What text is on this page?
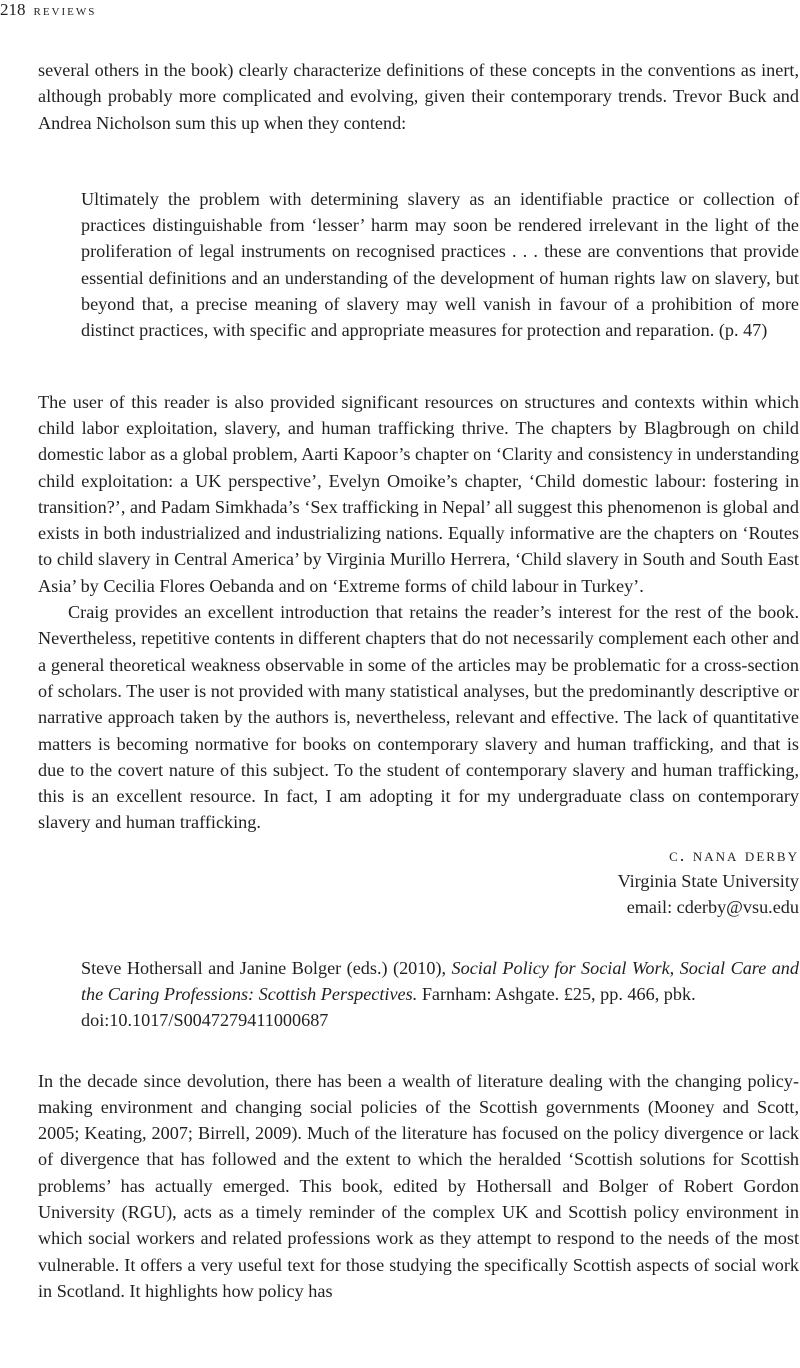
218 reviews

several others in the book) clearly characterize definitions of these concepts in the conventions as inert, although probably more complicated and evolving, given their contemporary trends. Trevor Buck and Andrea Nicholson sum this up when they contend:

Ultimately the problem with determining slavery as an identifiable practice or collection of practices distinguishable from ‘lesser’ harm may soon be rendered irrelevant in the light of the proliferation of legal instruments on recognised practices . . . these are conventions that provide essential definitions and an understanding of the development of human rights law on slavery, but beyond that, a precise meaning of slavery may well vanish in favour of a prohibition of more distinct practices, with specific and appropriate measures for protection and reparation. (p. 47)

The user of this reader is also provided significant resources on structures and contexts within which child labor exploitation, slavery, and human trafficking thrive. The chapters by Blagbrough on child domestic labor as a global problem, Aarti Kapoor’s chapter on ‘Clarity and consistency in understanding child exploitation: a UK perspective’, Evelyn Omoike’s chapter, ‘Child domestic labour: fostering in transition?’, and Padam Simkhada’s ‘Sex trafficking in Nepal’ all suggest this phenomenon is global and exists in both industrialized and industrializing nations. Equally informative are the chapters on ‘Routes to child slavery in Central America’ by Virginia Murillo Herrera, ‘Child slavery in South and South East Asia’ by Cecilia Flores Oebanda and on ‘Extreme forms of child labour in Turkey’.

Craig provides an excellent introduction that retains the reader’s interest for the rest of the book. Nevertheless, repetitive contents in different chapters that do not necessarily complement each other and a general theoretical weakness observable in some of the articles may be problematic for a cross-section of scholars. The user is not provided with many statistical analyses, but the predominantly descriptive or narrative approach taken by the authors is, nevertheless, relevant and effective. The lack of quantitative matters is becoming normative for books on contemporary slavery and human trafficking, and that is due to the covert nature of this subject. To the student of contemporary slavery and human trafficking, this is an excellent resource. In fact, I am adopting it for my undergraduate class on contemporary slavery and human trafficking.

c. nana derby
Virginia State University
email: cderby@vsu.edu

Steve Hothersall and Janine Bolger (eds.) (2010), Social Policy for Social Work, Social Care and the Caring Professions: Scottish Perspectives. Farnham: Ashgate. £25, pp. 466, pbk.
doi:10.1017/S0047279411000687

In the decade since devolution, there has been a wealth of literature dealing with the changing policy-making environment and changing social policies of the Scottish governments (Mooney and Scott, 2005; Keating, 2007; Birrell, 2009). Much of the literature has focused on the policy divergence or lack of divergence that has followed and the extent to which the heralded ‘Scottish solutions for Scottish problems’ has actually emerged. This book, edited by Hothersall and Bolger of Robert Gordon University (RGU), acts as a timely reminder of the complex UK and Scottish policy environment in which social workers and related professions work as they attempt to respond to the needs of the most vulnerable. It offers a very useful text for those studying the specifically Scottish aspects of social work in Scotland. It highlights how policy has
